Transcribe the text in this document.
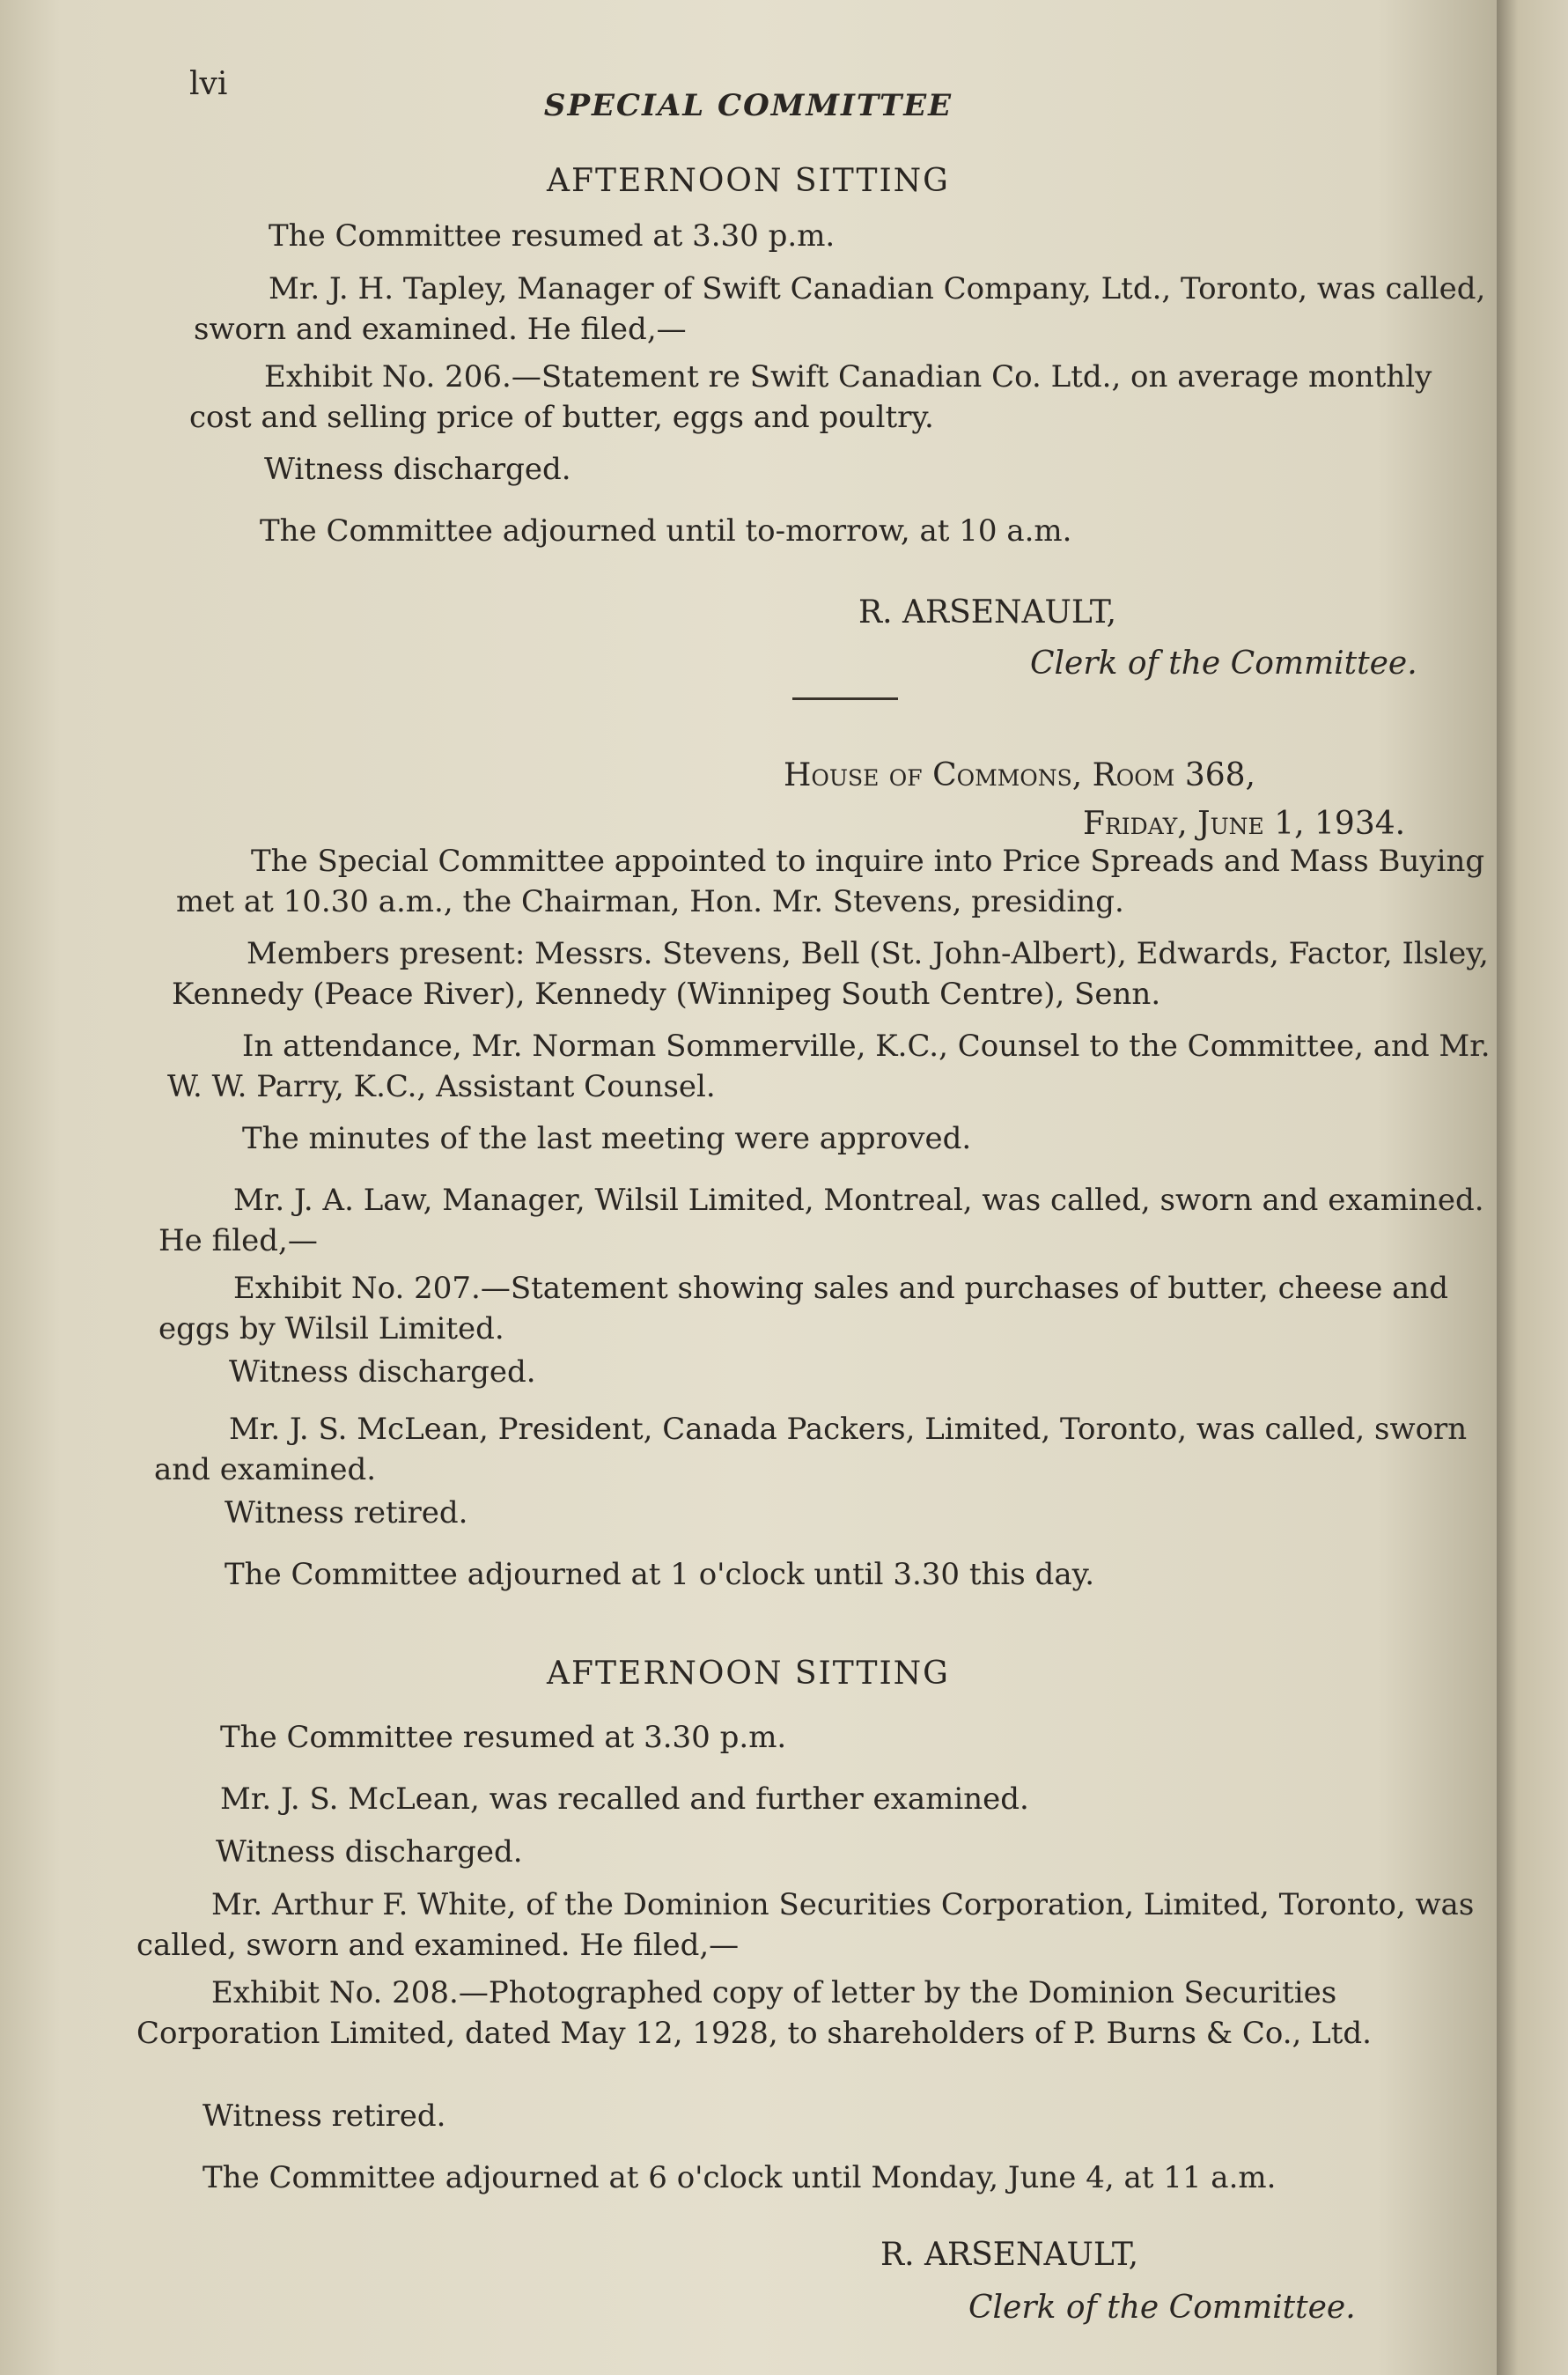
lvi
SPECIAL COMMITTEE
AFTERNOON SITTING
The Committee resumed at 3.30 p.m.
Mr. J. H. Tapley, Manager of Swift Canadian Company, Ltd., Toronto, was called, sworn and examined. He filed,—
Exhibit No. 206.—Statement re Swift Canadian Co. Ltd., on average monthly cost and selling price of butter, eggs and poultry.
Witness discharged.
The Committee adjourned until to-morrow, at 10 a.m.
R. ARSENAULT,
Clerk of the Committee.
House of Commons, Room 368,
Friday, June 1, 1934.
The Special Committee appointed to inquire into Price Spreads and Mass Buying met at 10.30 a.m., the Chairman, Hon. Mr. Stevens, presiding.
Members present: Messrs. Stevens, Bell (St. John-Albert), Edwards, Factor, Ilsley, Kennedy (Peace River), Kennedy (Winnipeg South Centre), Senn.
In attendance, Mr. Norman Sommerville, K.C., Counsel to the Committee, and Mr. W. W. Parry, K.C., Assistant Counsel.
The minutes of the last meeting were approved.
Mr. J. A. Law, Manager, Wilsil Limited, Montreal, was called, sworn and examined. He filed,—
Exhibit No. 207.—Statement showing sales and purchases of butter, cheese and eggs by Wilsil Limited.
Witness discharged.
Mr. J. S. McLean, President, Canada Packers, Limited, Toronto, was called, sworn and examined.
Witness retired.
The Committee adjourned at 1 o'clock until 3.30 this day.
AFTERNOON SITTING
The Committee resumed at 3.30 p.m.
Mr. J. S. McLean, was recalled and further examined.
Witness discharged.
Mr. Arthur F. White, of the Dominion Securities Corporation, Limited, Toronto, was called, sworn and examined. He filed,—
Exhibit No. 208.—Photographed copy of letter by the Dominion Securities Corporation Limited, dated May 12, 1928, to shareholders of P. Burns & Co., Ltd.
Witness retired.
The Committee adjourned at 6 o'clock until Monday, June 4, at 11 a.m.
R. ARSENAULT,
Clerk of the Committee.
